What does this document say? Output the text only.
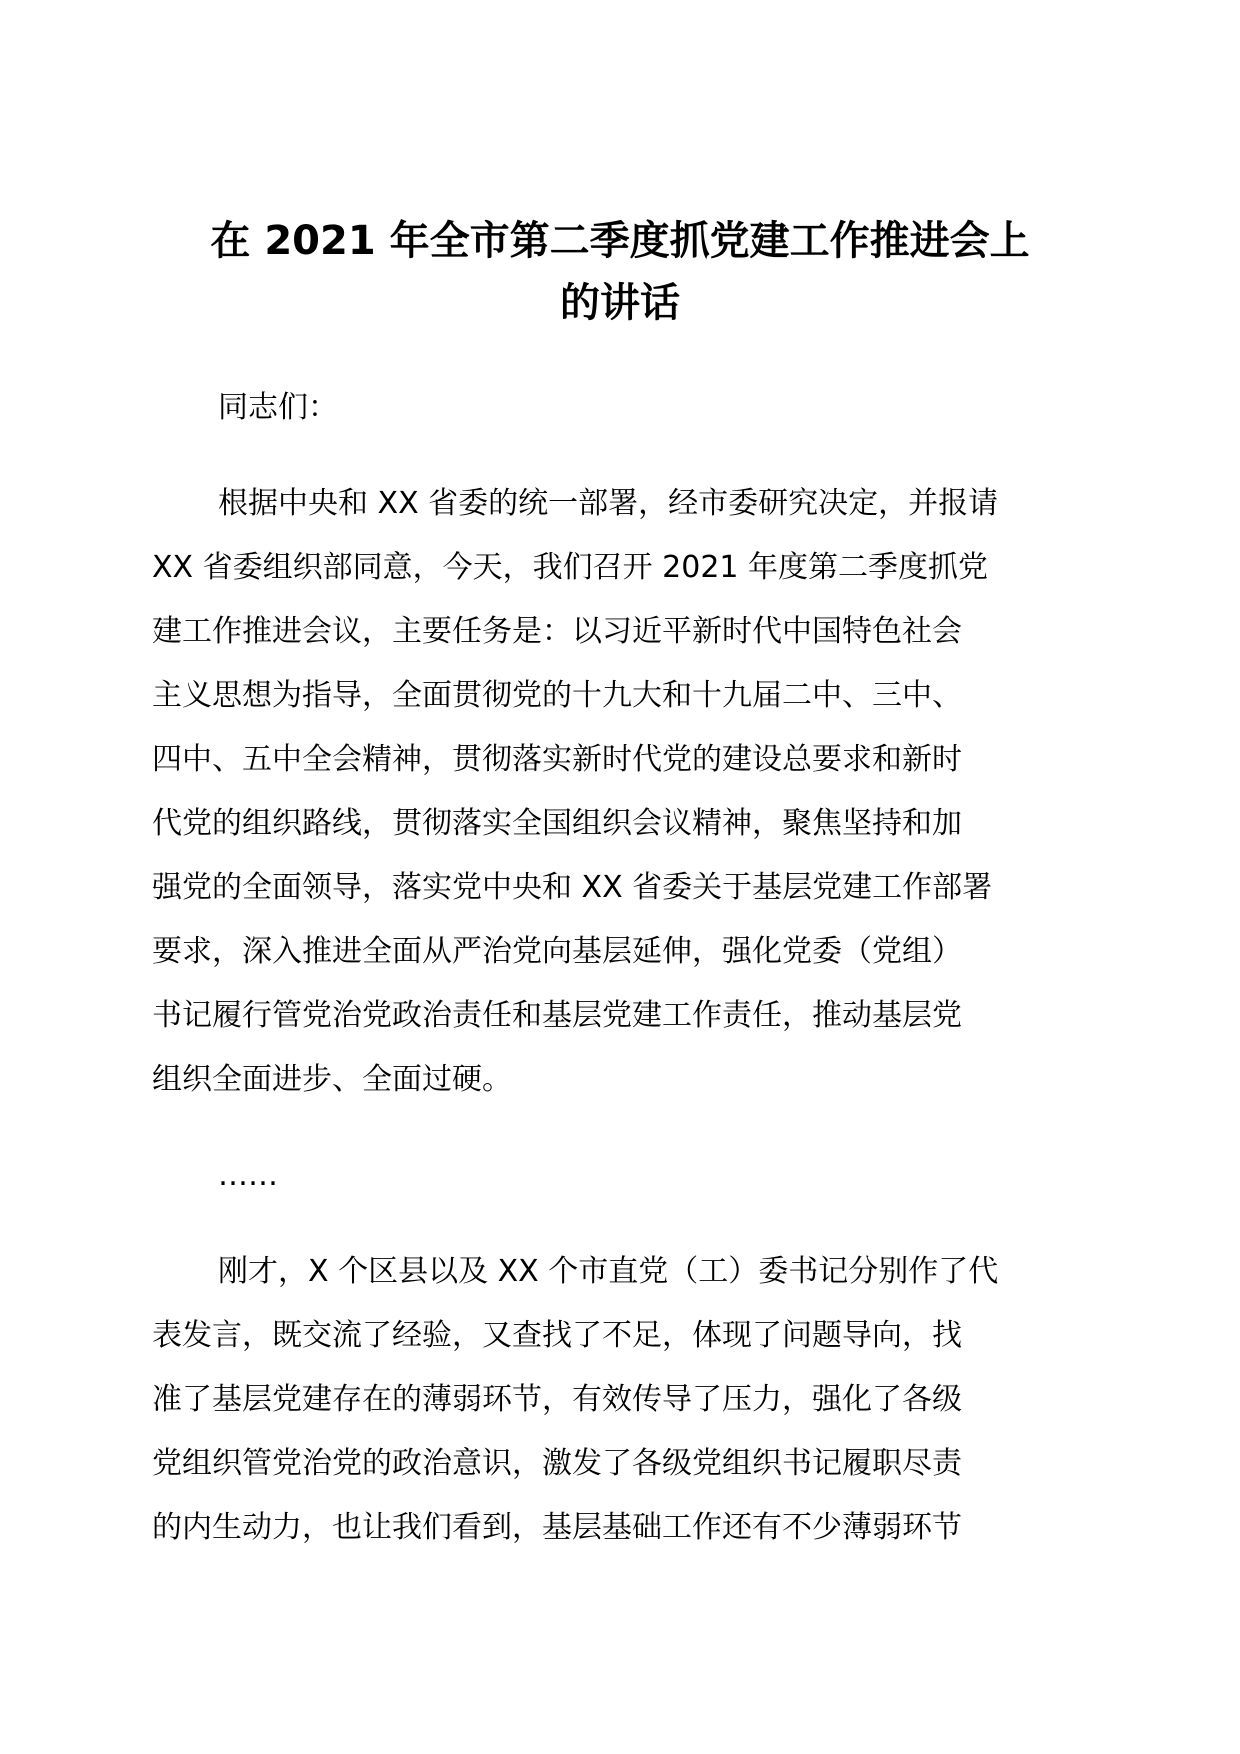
在 2021 年全市第二季度抓党建工作推进会上
的讲话
同志们：
根据中央和 XX 省委的统一部署，经市委研究决定，并报请
XX 省委组织部同意，今天，我们召开 2021 年度第二季度抓党
建工作推进会议，主要任务是：以习近平新时代中国特色社会
主义思想为指导，全面贯彻党的十九大和十九届二中、三中、
四中、五中全会精神，贯彻落实新时代党的建设总要求和新时
代党的组织路线，贯彻落实全国组织会议精神，聚焦坚持和加
强党的全面领导，落实党中央和 XX 省委关于基层党建工作部署
要求，深入推进全面从严治党向基层延伸，强化党委（党组）
书记履行管党治党政治责任和基层党建工作责任，推动基层党
组织全面进步、全面过硬。
……
刚才，X 个区县以及 XX 个市直党（工）委书记分别作了代
表发言，既交流了经验，又查找了不足，体现了问题导向，找
准了基层党建存在的薄弱环节，有效传导了压力，强化了各级
党组织管党治党的政治意识，激发了各级党组织书记履职尽责
的内生动力，也让我们看到，基层基础工作还有不少薄弱环节
